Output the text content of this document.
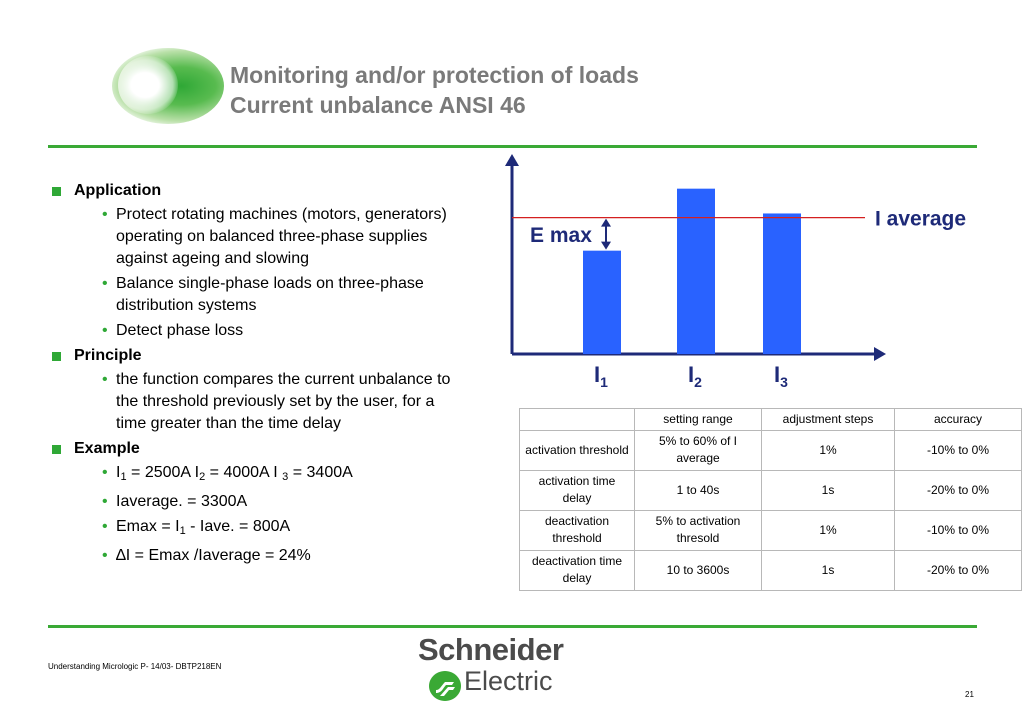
Monitoring and/or protection of loads
Current unbalance ANSI 46
Application
• Protect rotating machines (motors, generators) operating on balanced three-phase supplies against ageing and slowing
• Balance single-phase loads on three-phase distribution systems
• Detect phase loss
Principle
• the function compares the current unbalance to the threshold previously set by the user, for a time greater than the time delay
Example
• $I_1 = 2500A$ $I_2 = 4000A$ I $_3$ = 3400A
• Iaverage. = 3300A
• $Emax = I_1$ - Iave. = 800A
• ∆I = Emax /Iaverage = 24%
$I_1$	$I_2$	$I_3$
I average
E max
	setting range	adjustment steps	accuracy
activation threshold	5% to 60% of I average	1%	-10% to 0%
activation time delay	1 to 40s	1s	-20% to 0%
deactivation threshold	5% to activation thresold	1%	-10% to 0%
deactivation time delay	10 to 3600s	1s	-20% to 0%
Understanding Micrologic P- 14/03- DBTP218EN	Schneider
Electric	21
